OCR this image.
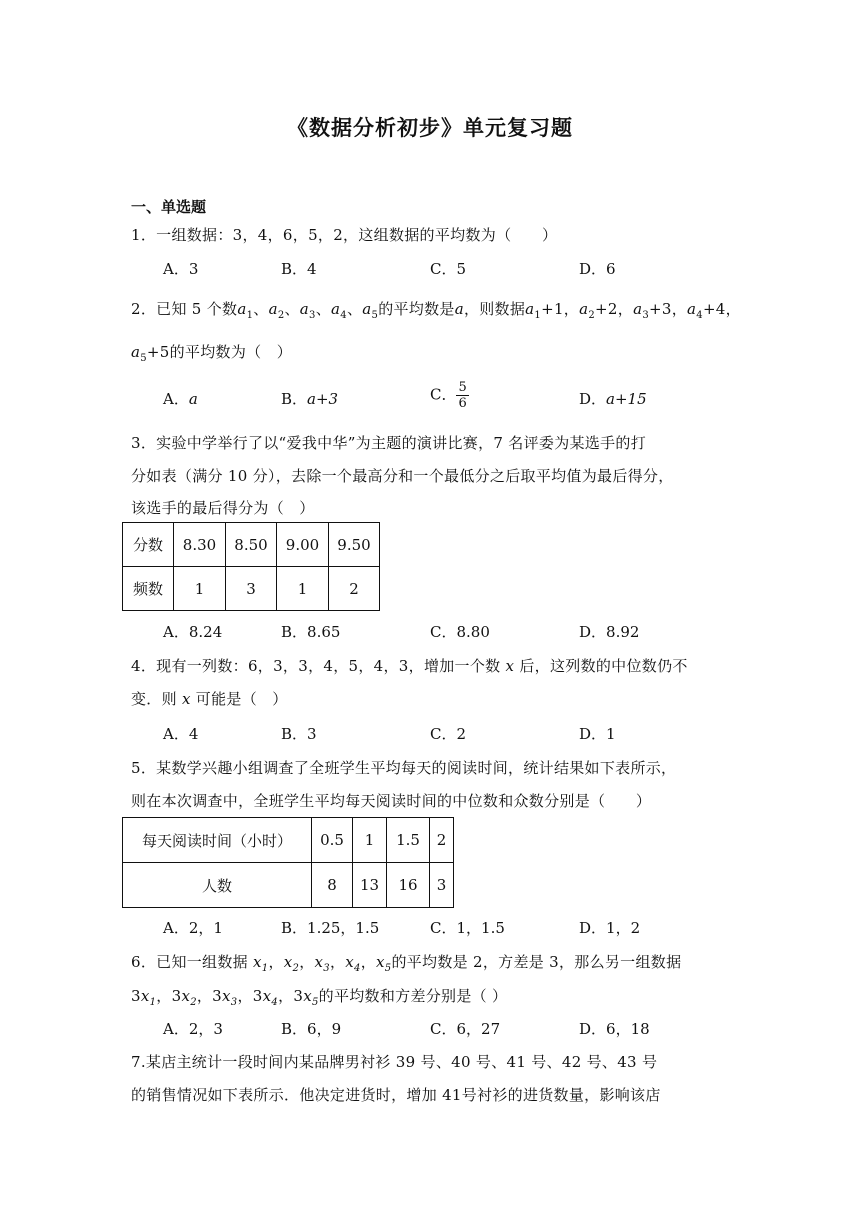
《数据分析初步》单元复习题
一、单选题
1．一组数据：3，4，6，5，2，这组数据的平均数为（　　）
A．3	B．4	C．5	D．6
2．已知 5 个数$a_1$、$a_2$、$a_3$、$a_4$、$a_5$的平均数是a，则数据$a_1+1$，$a_2+2$，$a_3+3$，$a_4+4$，
$a_5+5$的平均数为（　）
A．a	B．a+3	C． $\frac{5}{6}$	D．a+15
3．实验中学举行了以“爱我中华”为主题的演讲比赛，7 名评委为某选手的打
分如表（满分 10 分），去除一个最高分和一个最低分之后取平均值为最后得分，
该选手的最后得分为（　）
分数	8.30	8.50	9.00	9.50
频数	1	3	1	2
A．8.24	B．8.65	C．8.80	D．8.92
4．现有一列数：6，3，3，4，5，4，3，增加一个数 x 后，这列数的中位数仍不
变．则 x 可能是（　）
A．4	B．3	C．2	D．1
5．某数学兴趣小组调查了全班学生平均每天的阅读时间，统计结果如下表所示，
则在本次调查中，全班学生平均每天阅读时间的中位数和众数分别是（　　）
每天阅读时间（小时）	0.5	1	1.5	2
人数	8	13	16	3
A．2，1	B．1.25，1.5	C．1，1.5	D．1，2
6．已知一组数据 $x_1$，$x_2$，$x_3$，$x_4$，$x_5$的平均数是 2，方差是 3，那么另一组数据
$3x_1$，$3x_2$，$3x_3$，$3x_4$，$3x_5$的平均数和方差分别是（ ）
A．2，3	B．6，9	C．6，27	D．6，18
7.某店主统计一段时间内某品牌男衬衫 39 号、40 号、41 号、42 号、43 号
的销售情况如下表所示．他决定进货时，增加 41号衬衫的进货数量，影响该店
